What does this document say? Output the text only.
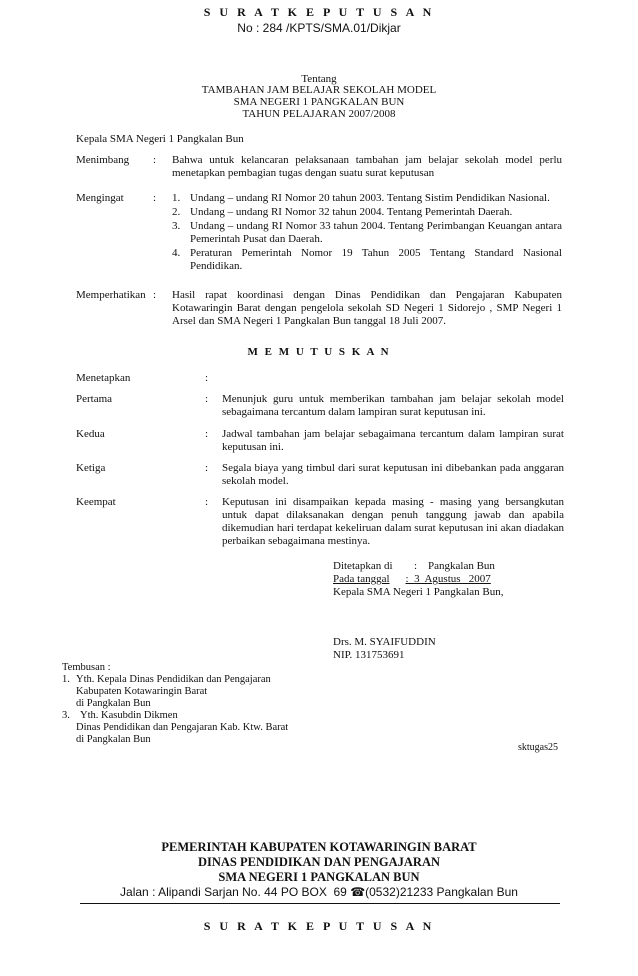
S U R A T K E P U T U S A N
No : 284 /KPTS/SMA.01/Dikjar
Tentang
TAMBAHAN JAM BELAJAR SEKOLAH MODEL
SMA NEGERI 1 PANGKALAN BUN
TAHUN PELAJARAN 2007/2008
Kepala SMA Negeri 1 Pangkalan Bun
Menimbang : Bahwa untuk kelancaran pelaksanaan tambahan jam belajar sekolah model perlu menetapkan pembagian tugas dengan suatu surat keputusan
Mengingat	: 1. Undang – undang RI Nomor 20 tahun 2003. Tentang Sistim Pendidikan Nasional.
2. Undang – undang RI Nomor 32 tahun 2004. Tentang Pemerintah Daerah.
3. Undang – undang RI Nomor 33 tahun 2004. Tentang Perimbangan Keuangan antara Pemerintah Pusat dan Daerah.
4. Peraturan Pemerintah Nomor 19 Tahun 2005 Tentang Standard Nasional Pendidikan.
Memperhatikan : Hasil rapat koordinasi dengan Dinas Pendidikan dan Pengajaran Kabupaten Kotawaringin Barat dengan pengelola sekolah SD Negeri 1 Sidorejo , SMP Negeri 1 Arsel dan SMA Negeri 1 Pangkalan Bun tanggal 18 Juli 2007.
M E M U T U S K A N
Menetapkan	:
Pertama	: Menunjuk guru untuk memberikan tambahan jam belajar sekolah model sebagaimana tercantum dalam lampiran surat keputusan ini.
Kedua	: Jadwal tambahan jam belajar sebagaimana tercantum dalam lampiran surat keputusan ini.
Ketiga	: Segala biaya yang timbul dari surat keputusan ini dibebankan pada anggaran sekolah model.
Keempat	: Keputusan ini disampaikan kepada masing - masing yang bersangkutan untuk dapat dilaksanakan dengan penuh tanggung jawab dan apabila dikemudian hari terdapat kekeliruan dalam surat keputusan ini akan diadakan perbaikan sebagaimana mestinya.
Ditetapkan di : Pangkalan Bun
Pada tanggal :  3  Agustus   2007
Kepala SMA Negeri 1 Pangkalan Bun,
Drs. M. SYAIFUDDIN
NIP. 131753691
Tembusan :
1. Yth. Kepala Dinas Pendidikan dan Pengajaran
Kabupaten Kotawaringin Barat
di Pangkalan Bun
3. Yth. Kasubdin Dikmen
Dinas Pendidikan dan Pengajaran Kab. Ktw. Barat
di Pangkalan Bun
sktugas25
PEMERINTAH KABUPATEN KOTAWARINGIN BARAT
DINAS PENDIDIKAN DAN PENGAJARAN
SMA NEGERI 1 PANGKALAN BUN
Jalan : Alipandi Sarjan No. 44 PO BOX  69 ☎(0532)21233 Pangkalan Bun
S U R A T K E P U T U S A N
